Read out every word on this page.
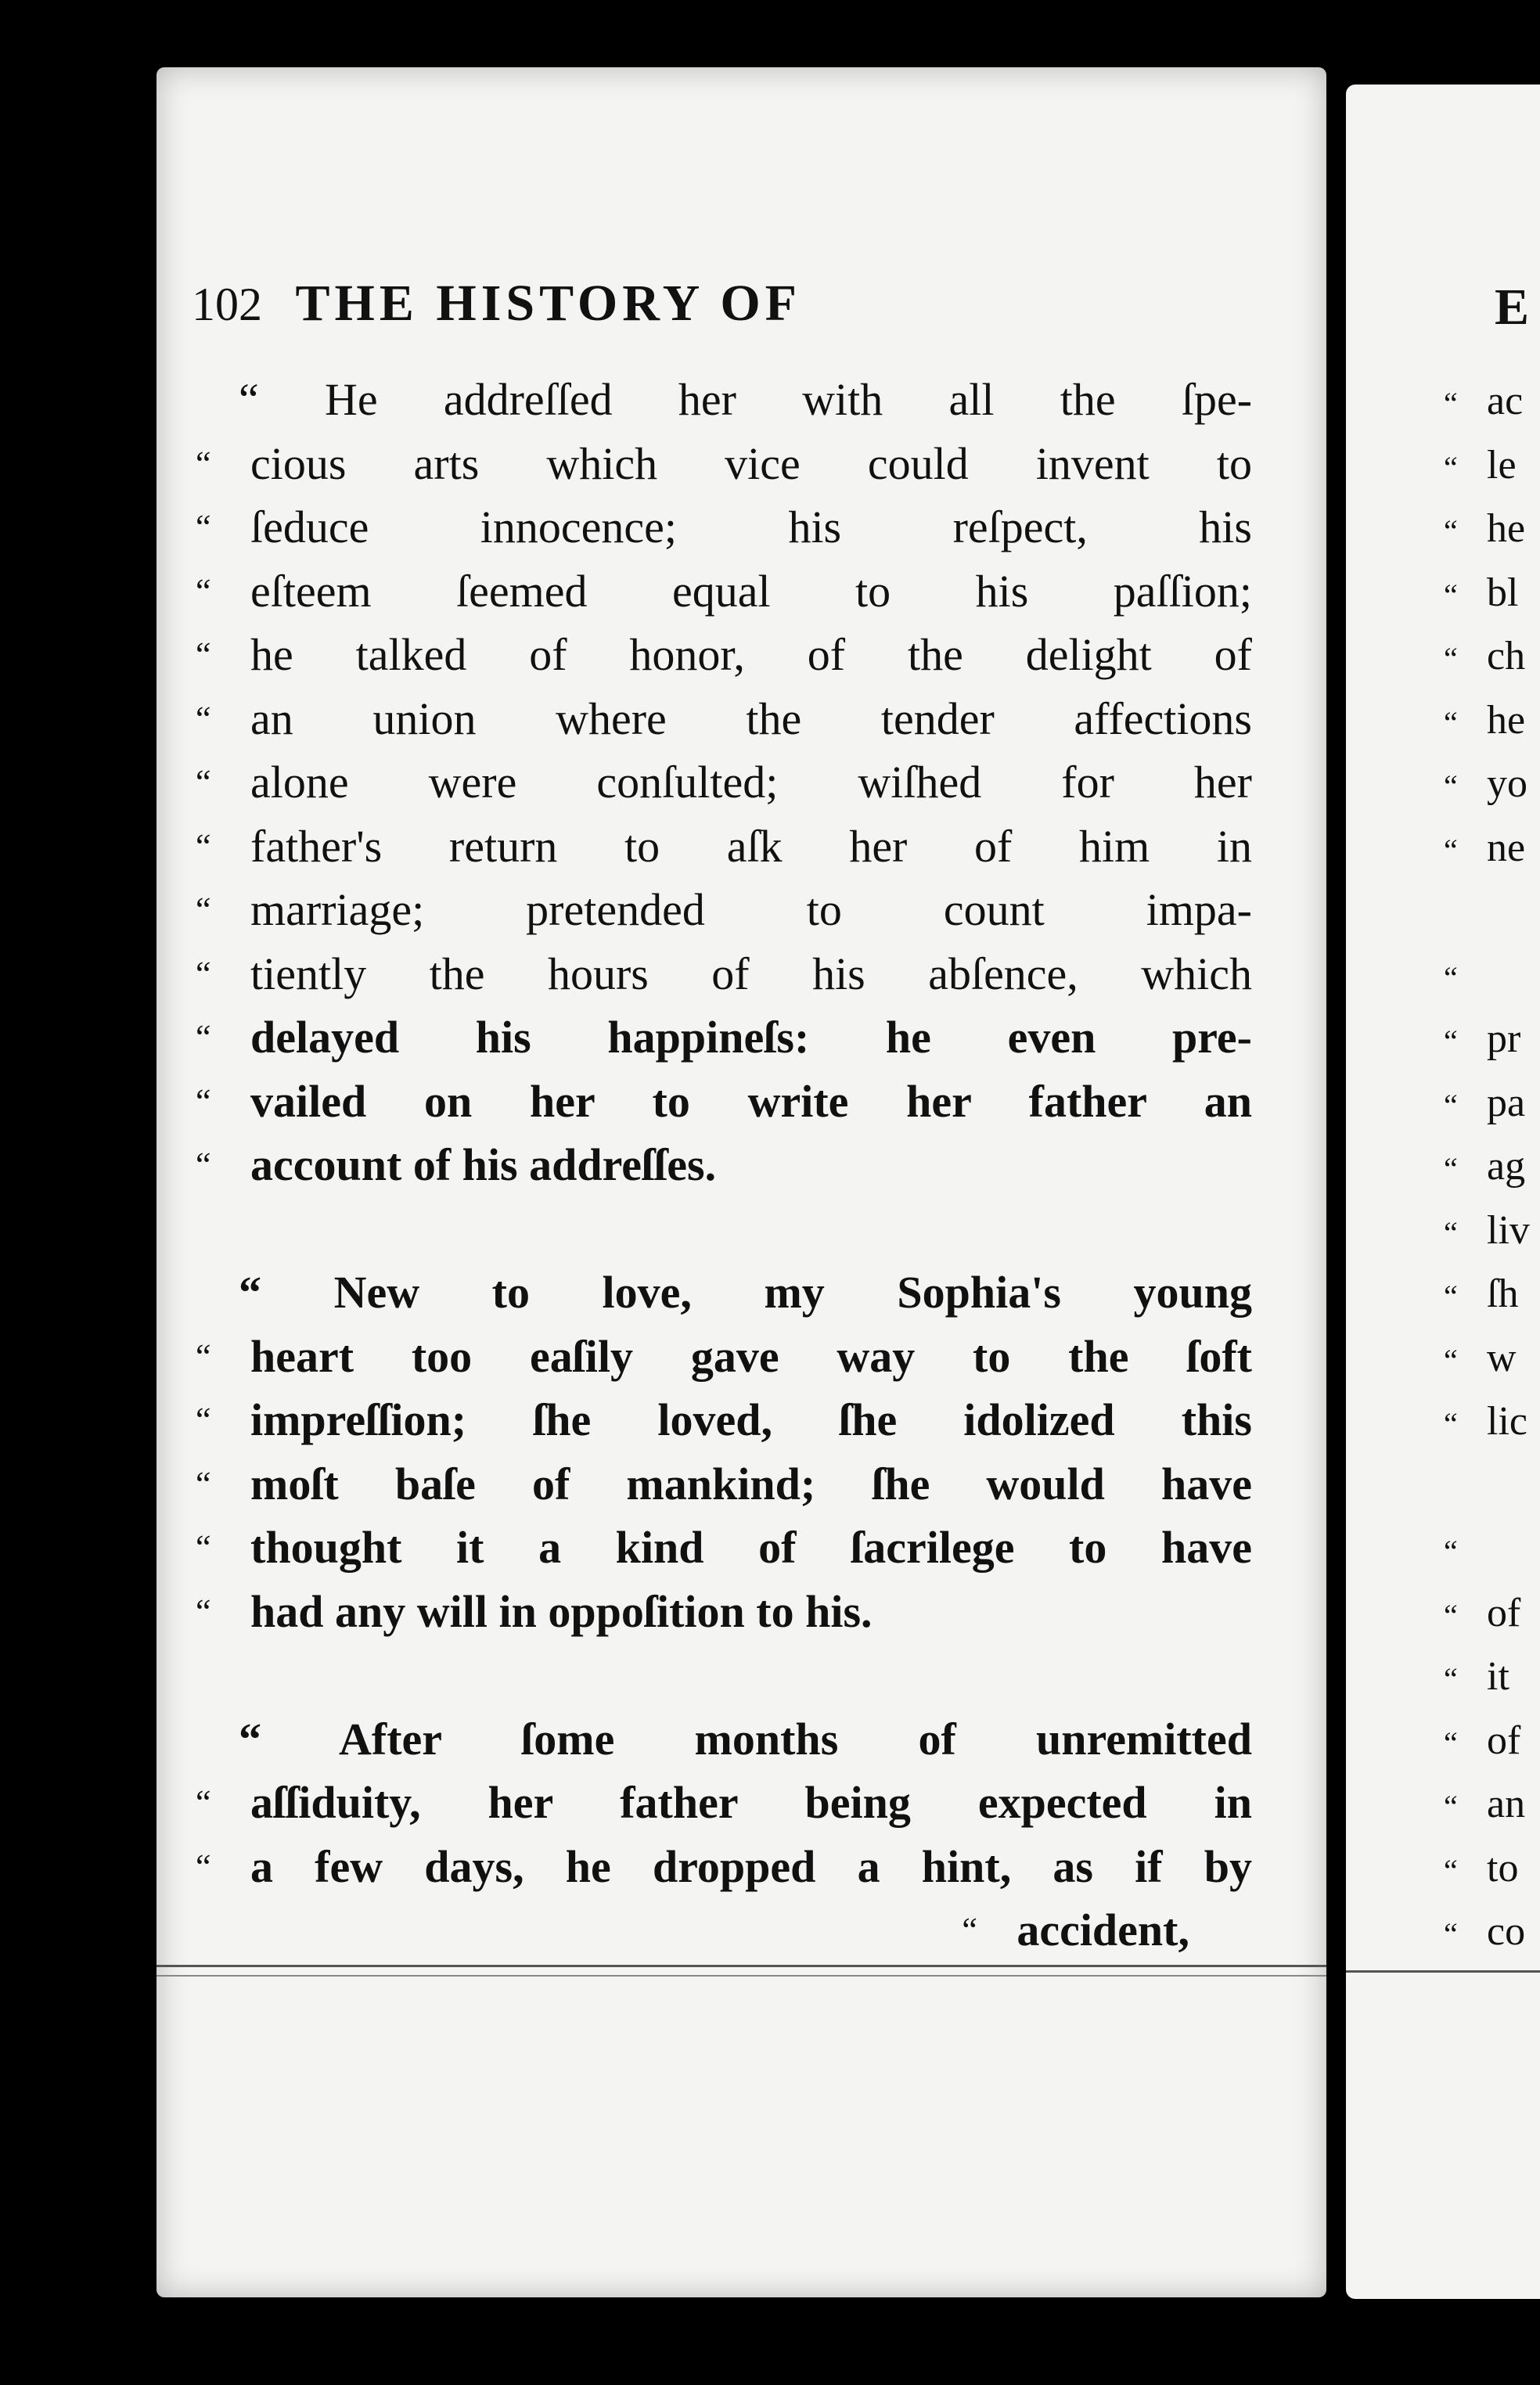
102 THE HISTORY OF
“ He addreſſed her with all the ſpe-
“ cious arts which vice could invent to
“ ſeduce innocence; his reſpect, his
“ eſteem ſeemed equal to his paſſion;
“ he talked of honor, of the delight of
“ an union where the tender affections
“ alone were conſulted; wiſhed for her
“ father's return to aſk her of him in
“ marriage; pretended to count impa-
“ tiently the hours of his abſence, which
“ delayed his happineſs: he even pre-
“ vailed on her to write her father an
“ account of his addreſſes.
“ New to love, my Sophia's young
“ heart too eaſily gave way to the ſoft
“ impreſſion; ſhe loved, ſhe idolized this
“ moſt baſe of mankind; ſhe would have
“ thought it a kind of ſacrilege to have
“ had any will in oppoſition to his.
“ After ſome months of unremitted
“ aſſiduity, her father being expected in
“ a few days, he dropped a hint, as if by
“ accident,
E
“ ac
“ le
“ he
“ bl
“ ch
“ he
“ yo
“ ne
“
“ pr
“ pa
“ ag
“ liv
“ ſh
“ w
“ lic
“
“ of
“ it
“ of
“ an
“ to
“ co
